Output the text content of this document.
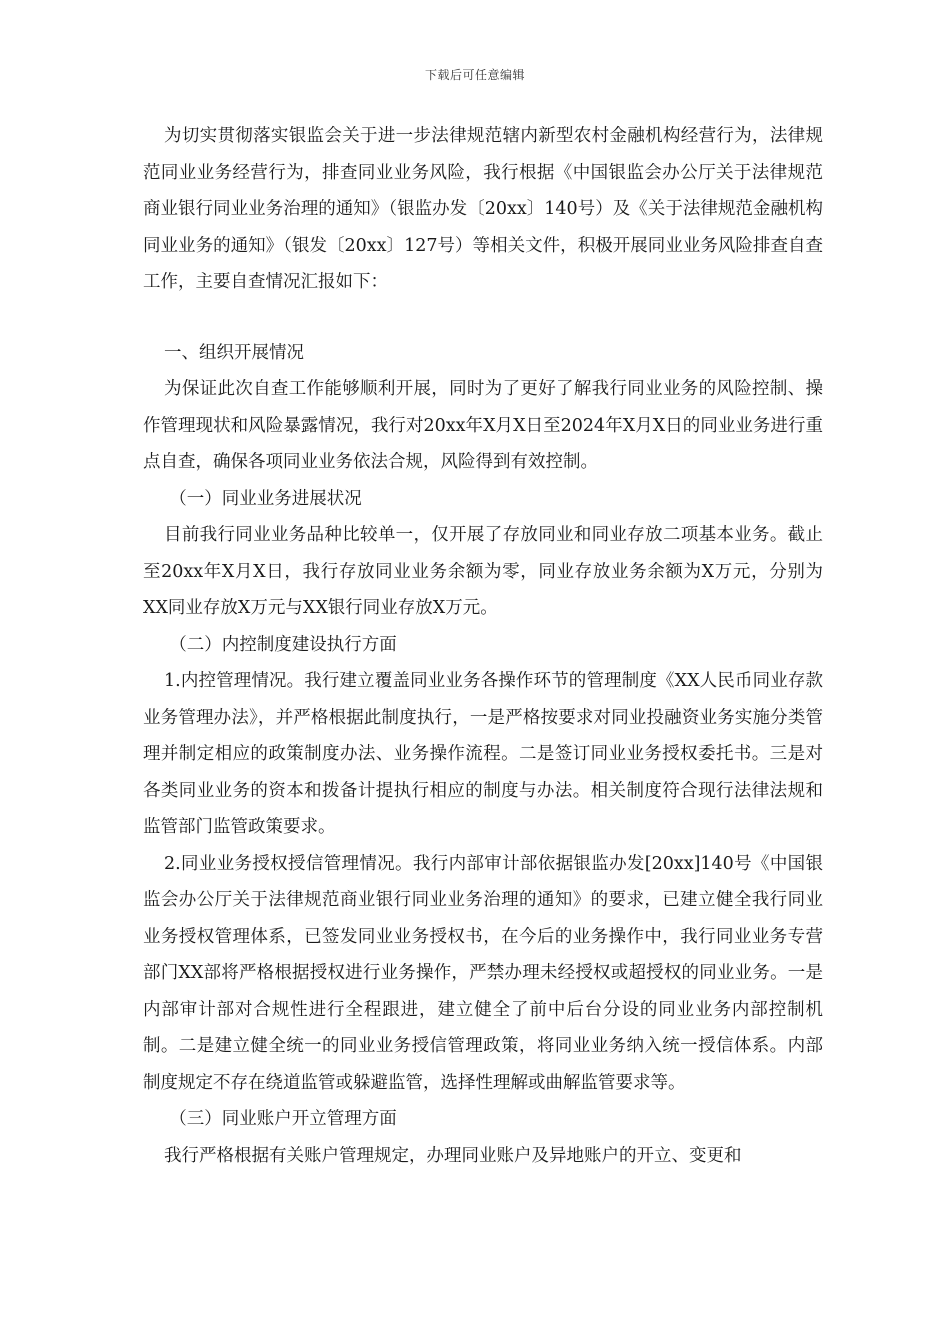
下载后可任意编辑

为切实贯彻落实银监会关于进一步法律规范辖内新型农村金融机构经营行为，法律规范同业业务经营行为，排查同业业务风险，我行根据《中国银监会办公厅关于法律规范商业银行同业业务治理的通知》（银监办发〔20xx〕140号）及《关于法律规范金融机构同业业务的通知》（银发〔20xx〕127号）等相关文件，积极开展同业业务风险排查自查工作，主要自查情况汇报如下：

一、组织开展情况

为保证此次自查工作能够顺利开展，同时为了更好了解我行同业业务的风险控制、操作管理现状和风险暴露情况，我行对20xx年X月X日至2024年X月X日的同业业务进行重点自查，确保各项同业业务依法合规，风险得到有效控制。

（一）同业业务进展状况

目前我行同业业务品种比较单一，仅开展了存放同业和同业存放二项基本业务。截止至20xx年X月X日，我行存放同业业务余额为零，同业存放业务余额为X万元，分别为XX同业存放X万元与XX银行同业存放X万元。

（二）内控制度建设执行方面

1.内控管理情况。我行建立覆盖同业业务各操作环节的管理制度《XX人民币同业存款业务管理办法》，并严格根据此制度执行，一是严格按要求对同业投融资业务实施分类管理并制定相应的政策制度办法、业务操作流程。二是签订同业业务授权委托书。三是对各类同业业务的资本和拨备计提执行相应的制度与办法。相关制度符合现行法律法规和监管部门监管政策要求。

2.同业业务授权授信管理情况。我行内部审计部依据银监办发[20xx]140号《中国银监会办公厅关于法律规范商业银行同业业务治理的通知》的要求，已建立健全我行同业业务授权管理体系，已签发同业业务授权书，在今后的业务操作中，我行同业业务专营部门XX部将严格根据授权进行业务操作，严禁办理未经授权或超授权的同业业务。一是内部审计部对合规性进行全程跟进，建立健全了前中后台分设的同业业务内部控制机制。二是建立健全统一的同业业务授信管理政策，将同业业务纳入统一授信体系。内部制度规定不存在绕道监管或躲避监管，选择性理解或曲解监管要求等。

（三）同业账户开立管理方面

我行严格根据有关账户管理规定，办理同业账户及异地账户的开立、变更和
